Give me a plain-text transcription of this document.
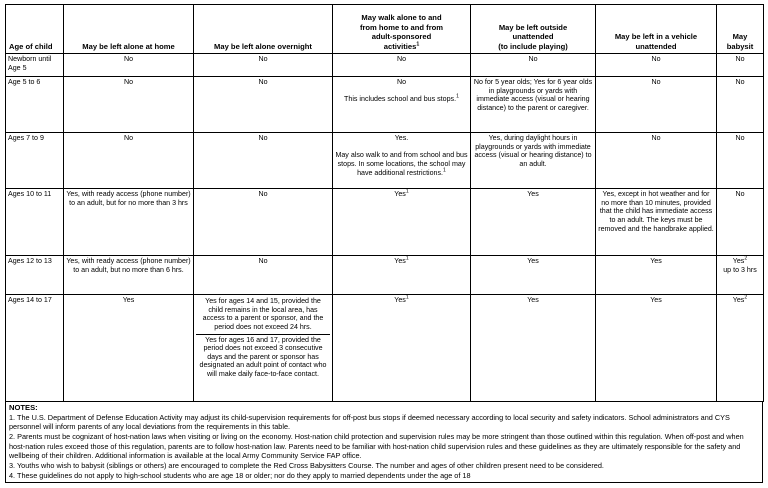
Age of child	May be left alone at home	May be left alone overnight	May walk alone to and
from home to and from
adult-sponsored
activities$^1$	May be left outside
unattended
(to include playing)	May be left in a vehicle
unattended	May
babysit
Newborn until
Age 5	No	No	No	No	No	No
Age 5 to 6	No	No	No

This includes school and bus stops.$^1$	No for 5 year olds; Yes for 6 year olds in playgrounds or yards with immediate access (visual or hearing distance) to the parent or caregiver.	No	No
Ages 7 to 9	No	No	Yes.

May also walk to and from school and bus stops. In some locations, the school may have additional restrictions.$^1$	Yes, during daylight hours in playgrounds or yards with immediate access (visual or hearing distance) to an adult.	No	No
Ages 10 to 11	Yes, with ready access (phone number) to an adult, but for no more than 3 hrs	No	Yes$^1$	Yes	Yes, except in hot weather and for no more than 10 minutes, provided that the child has immediate access to an adult. The keys must be removed and the handbrake applied.	No
Ages 12 to 13	Yes, with ready access (phone number) to an adult, but no more than 6 hrs.	No	Yes$^1$	Yes	Yes	Yes$^2$
up to 3 hrs
Ages 14 to 17	Yes		Yes for ages 14 and 15, provided the child remains in the local area, has access to a parent or sponsor, and the period does not exceed 24 hrs.
Yes for ages 16 and 17, provided the period does not exceed 3 consecutive days and the parent or sponsor has designated an adult point of contact who will make daily face-to-face contact.
	Yes$^1$	Yes	Yes	Yes$^2$
NOTES:
1. The U.S. Department of Defense Education Activity may adjust its child-supervision requirements for off-post bus stops if deemed necessary according to local security and safety indicators. School administrators and CYS personnel will inform parents of any local deviations from the requirements in this table.
2. Parents must be cognizant of host-nation laws when visiting or living on the economy. Host-nation child protection and supervision rules may be more stringent than those outlined within this regulation. When off-post and when host-nation rules exceed those of this regulation, parents are to follow host-nation law. Parents need to be familiar with host-nation child supervision rules and these guidelines as they are ultimately responsible for the safety and wellbeing of their children. Additional information is available at the local Army Community Service FAP office.
3. Youths who wish to babysit (siblings or others) are encouraged to complete the Red Cross Babysitters Course. The number and ages of other children present need to be considered.
4. These guidelines do not apply to high-school students who are age 18 or older; nor do they apply to married dependents under the age of 18
